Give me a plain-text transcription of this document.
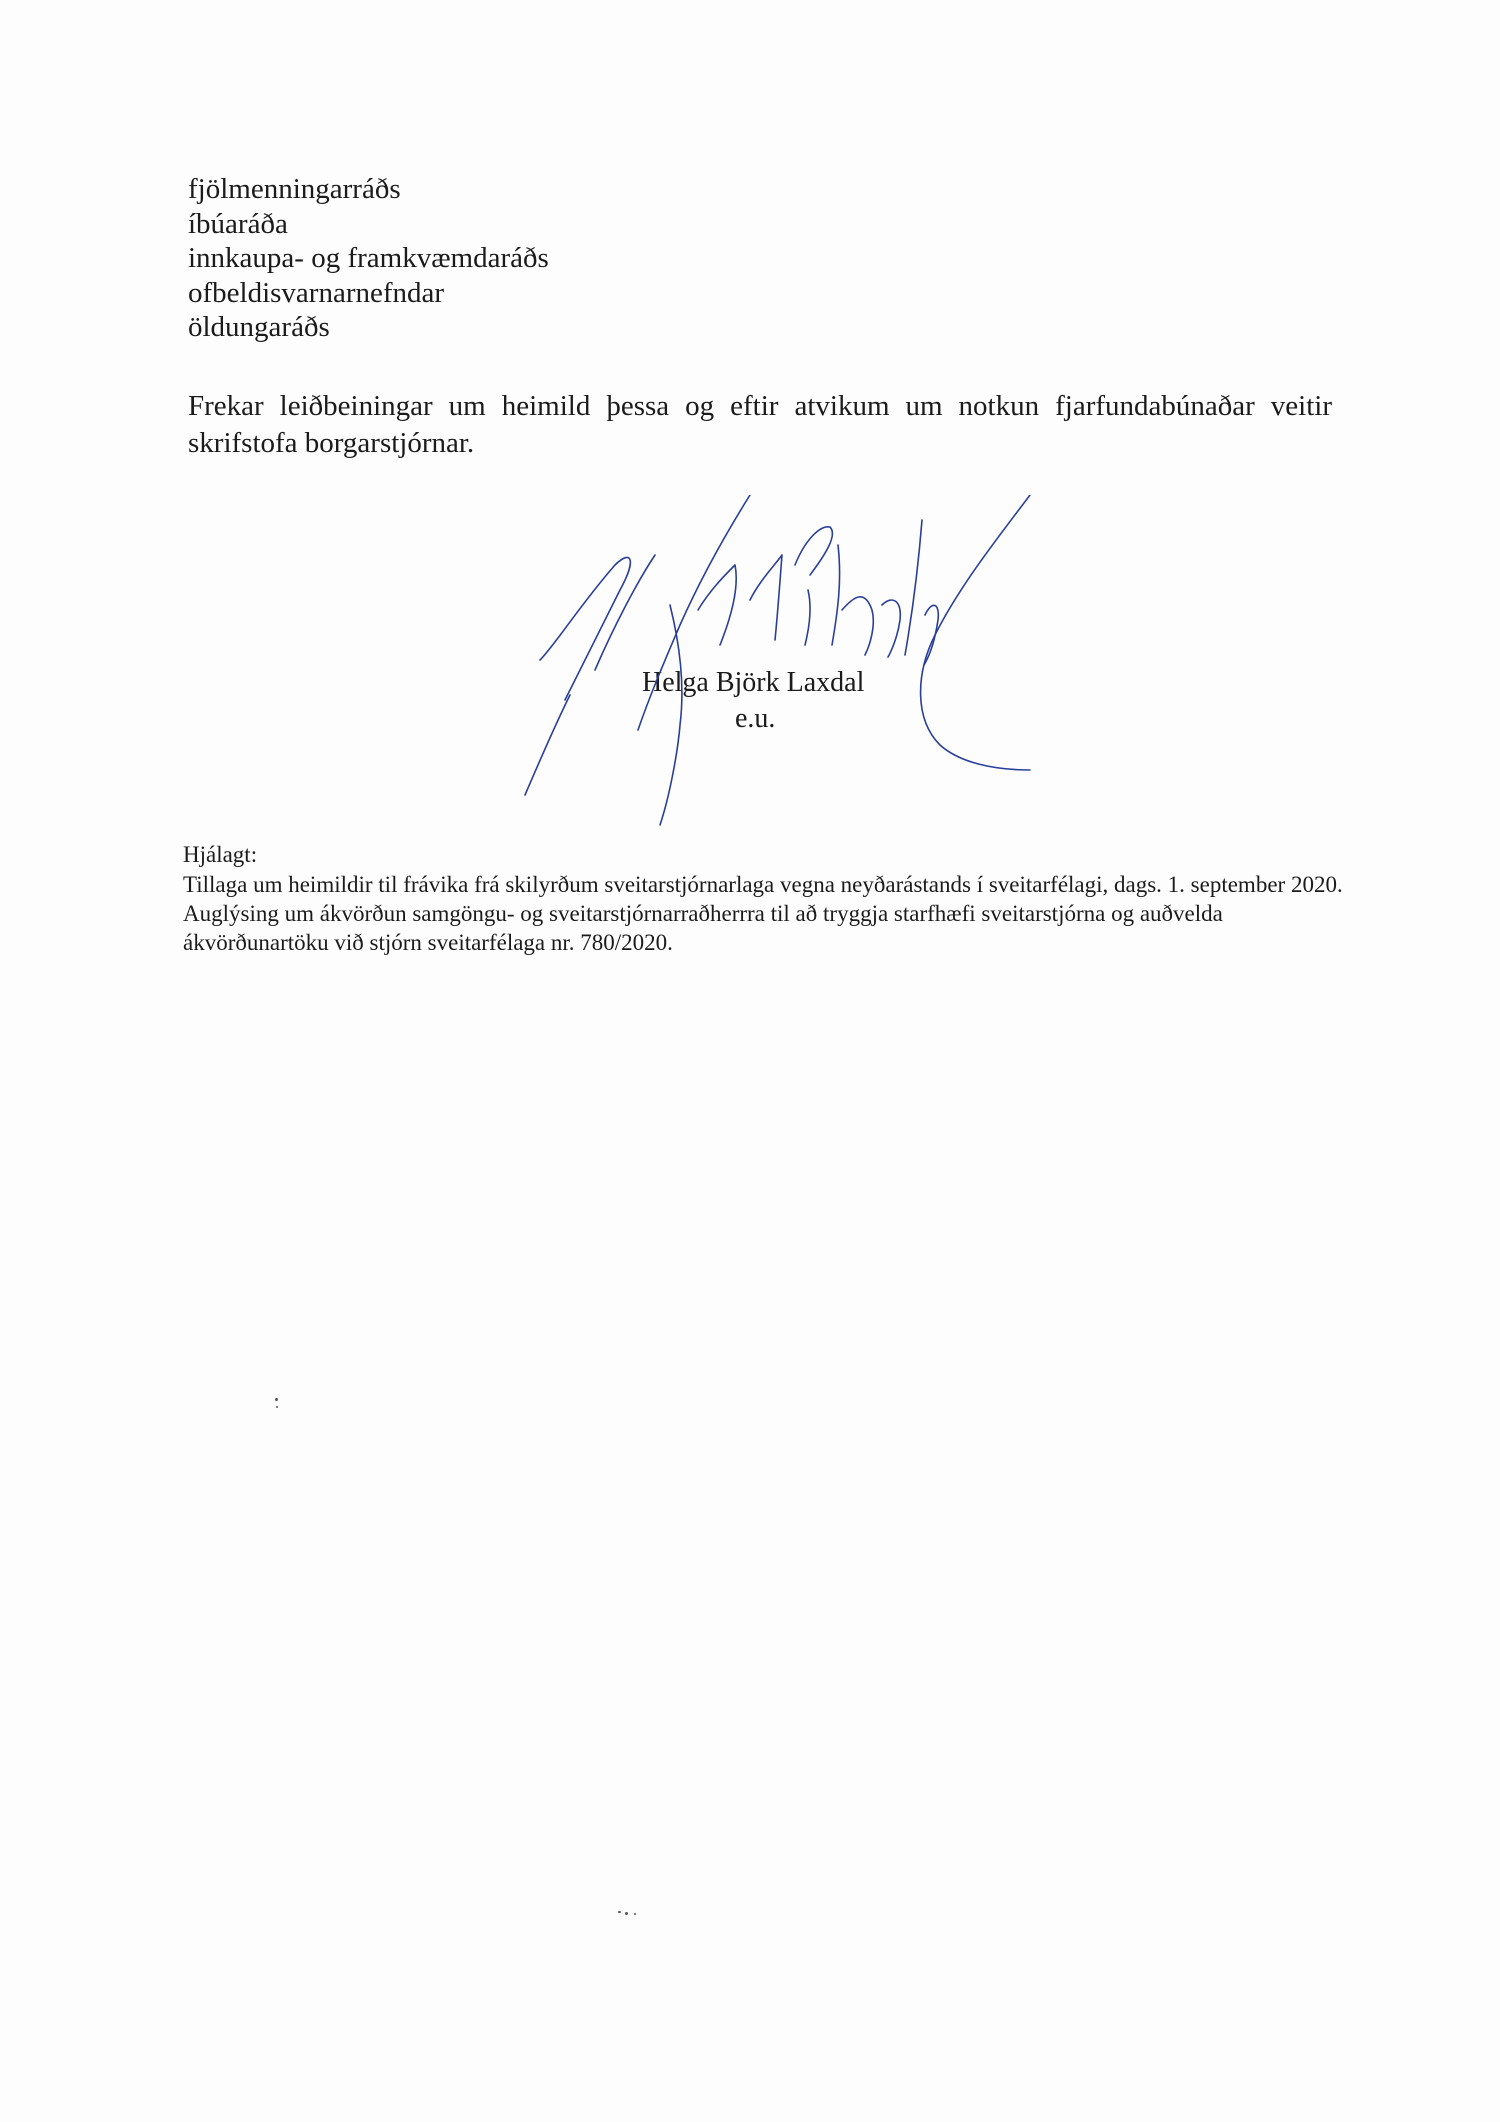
fjölmenningarráðs
íbúaráða
innkaupa- og framkvæmdaráðs
ofbeldisvarnarnefndar
öldungaráðs

Frekar leiðbeiningar um heimild þessa og eftir atvikum um notkun fjarfundabúnaðar veitir skrifstofa borgarstjórnar.

Helga Björk Laxdal
e.u.

Hjálagt:

Tillaga um heimildir til frávika frá skilyrðum sveitarstjórnarlaga vegna neyðarástands í sveitarfélagi, dags. 1. september 2020.

Auglýsing um ákvörðun samgöngu- og sveitarstjórnarraðherrra til að tryggja starfhæfi sveitarstjórna og auðvelda ákvörðunartöku við stjórn sveitarfélaga nr. 780/2020.
